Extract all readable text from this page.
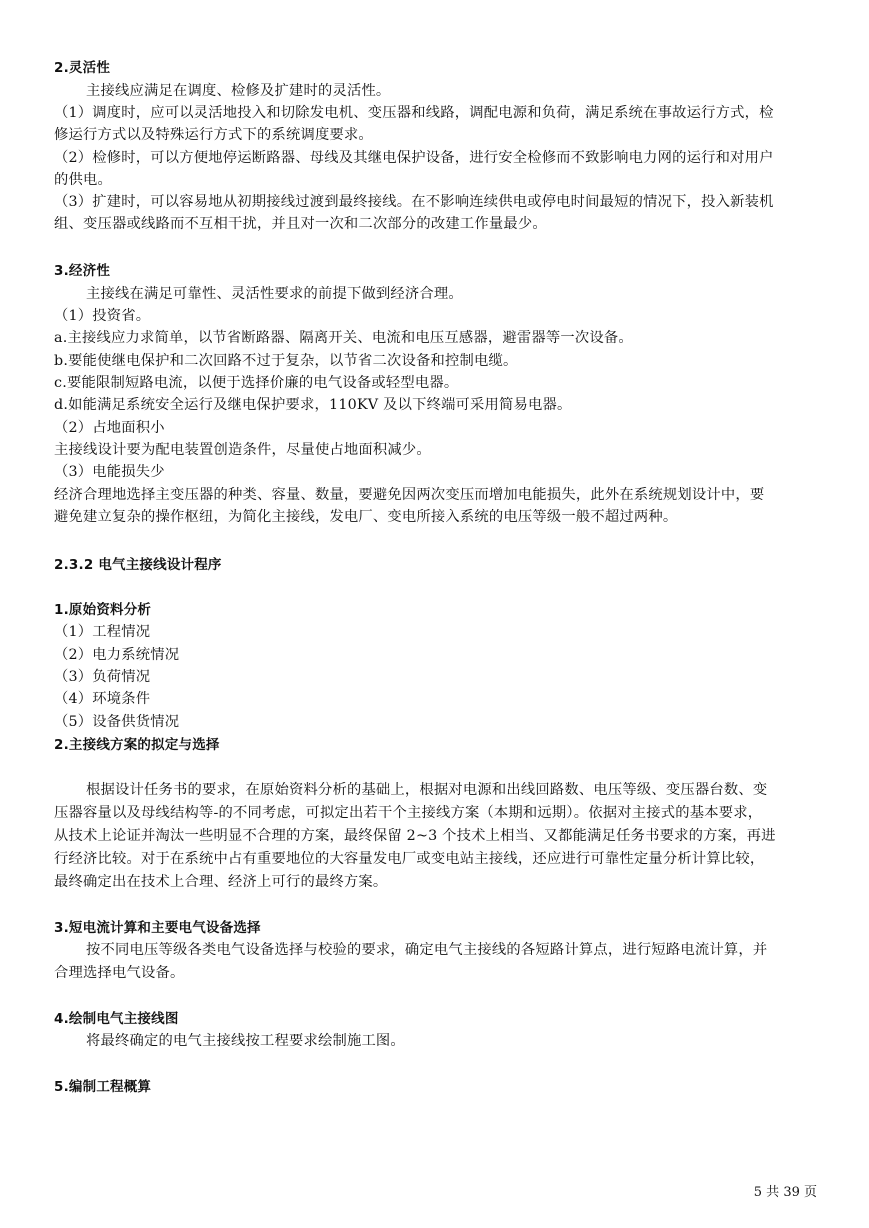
2.灵活性
主接线应满足在调度、检修及扩建时的灵活性。
（1）调度时，应可以灵活地投入和切除发电机、变压器和线路，调配电源和负荷，满足系统在事故运行方式，检
修运行方式以及特殊运行方式下的系统调度要求。
（2）检修时，可以方便地停运断路器、母线及其继电保护设备，进行安全检修而不致影响电力网的运行和对用户
的供电。
（3）扩建时，可以容易地从初期接线过渡到最终接线。在不影响连续供电或停电时间最短的情况下，投入新装机
组、变压器或线路而不互相干扰，并且对一次和二次部分的改建工作量最少。
3.经济性
主接线在满足可靠性、灵活性要求的前提下做到经济合理。
（1）投资省。
a.主接线应力求简单，以节省断路器、隔离开关、电流和电压互感器，避雷器等一次设备。
b.要能使继电保护和二次回路不过于复杂，以节省二次设备和控制电缆。
c.要能限制短路电流，以便于选择价廉的电气设备或轻型电器。
d.如能满足系统安全运行及继电保护要求，110KV 及以下终端可采用简易电器。
（2）占地面积小
主接线设计要为配电装置创造条件，尽量使占地面积减少。
（3）电能损失少
经济合理地选择主变压器的种类、容量、数量，要避免因两次变压而增加电能损失，此外在系统规划设计中，要
避免建立复杂的操作枢纽，为简化主接线，发电厂、变电所接入系统的电压等级一般不超过两种。
2.3.2 电气主接线设计程序
1.原始资料分析
（1）工程情况
（2）电力系统情况
（3）负荷情况
（4）环境条件
（5）设备供货情况
2.主接线方案的拟定与选择
根据设计任务书的要求，在原始资料分析的基础上，根据对电源和出线回路数、电压等级、变压器台数、变
压器容量以及母线结构等-的不同考虑，可拟定出若干个主接线方案（本期和远期）。依据对主接式的基本要求，
从技术上论证并淘汰一些明显不合理的方案，最终保留 2~3 个技术上相当、又都能满足任务书要求的方案，再进
行经济比较。对于在系统中占有重要地位的大容量发电厂或变电站主接线，还应进行可靠性定量分析计算比较，
最终确定出在技术上合理、经济上可行的最终方案。
3.短电流计算和主要电气设备选择
按不同电压等级各类电气设备选择与校验的要求，确定电气主接线的各短路计算点，进行短路电流计算，并
合理选择电气设备。
4.绘制电气主接线图
将最终确定的电气主接线按工程要求绘制施工图。
5.编制工程概算
5 共 39 页
